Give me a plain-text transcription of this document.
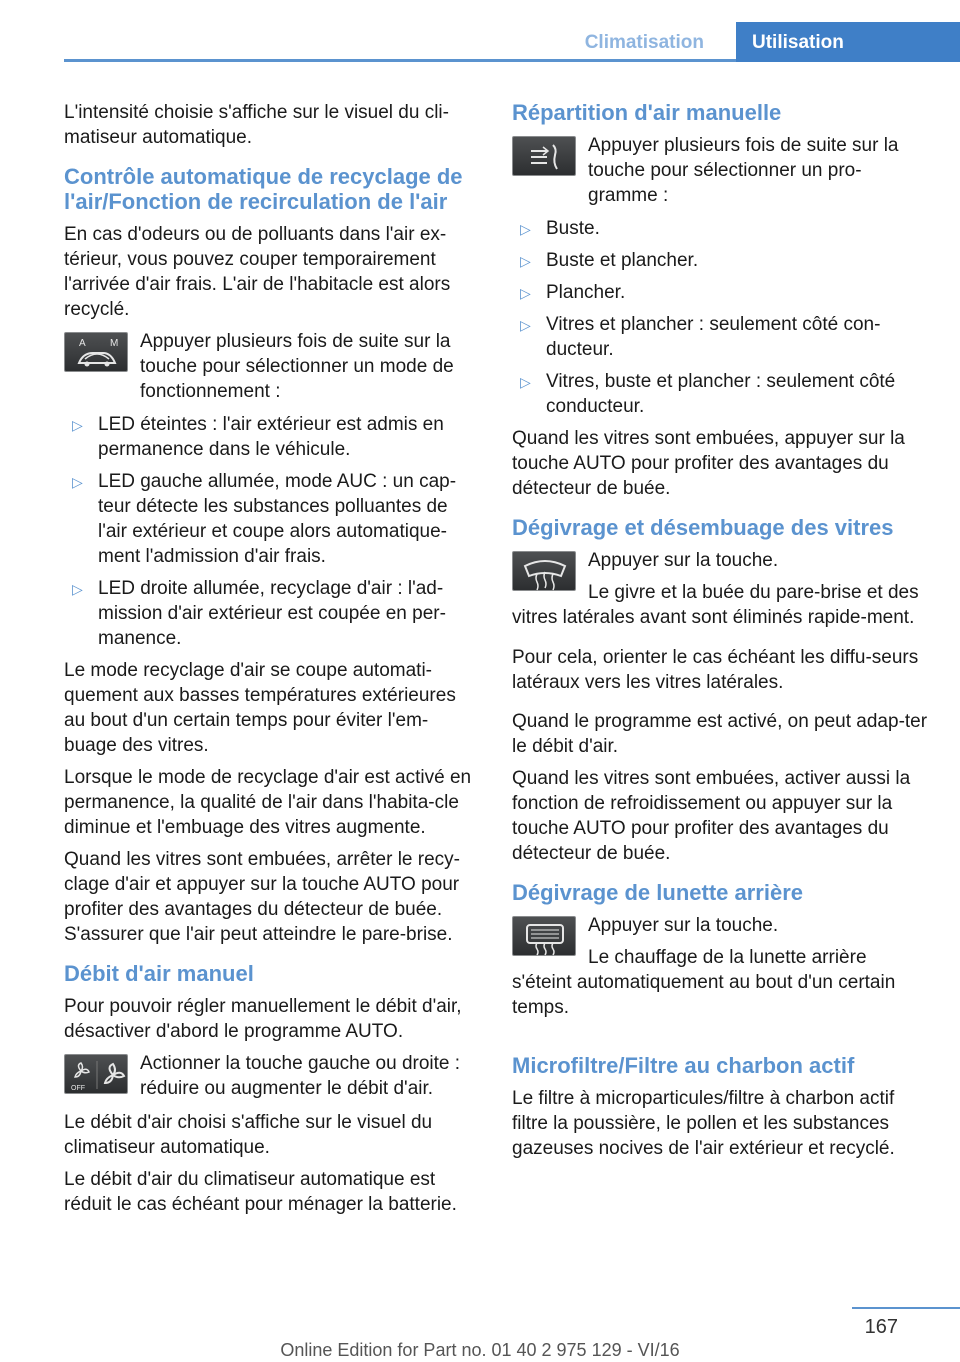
Climatisation	Utilisation

L'intensité choisie s'affiche sur le visuel du cli-matiseur automatique.

Contrôle automatique de recyclage de l'air/Fonction de recirculation de l'air

En cas d'odeurs ou de polluants dans l'air ex-térieur, vous pouvez couper temporairement l'arrivée d'air frais. L'air de l'habitacle est alors recyclé.

A M Appuyer plusieurs fois de suite sur la touche pour sélectionner un mode de fonctionnement :
▷ LED éteintes : l'air extérieur est admis en permanence dans le véhicule.
▷ LED gauche allumée, mode AUC : un cap-teur détecte les substances polluantes de l'air extérieur et coupe alors automatique-ment l'admission d'air frais.
▷ LED droite allumée, recyclage d'air : l'ad-mission d'air extérieur est coupée en per-manence.

Le mode recyclage d'air se coupe automati-quement aux basses températures extérieures au bout d'un certain temps pour éviter l'em-buage des vitres.

Lorsque le mode de recyclage d'air est activé en permanence, la qualité de l'air dans l'habita-cle diminue et l'embuage des vitres augmente.

Quand les vitres sont embuées, arrêter le recy-clage d'air et appuyer sur la touche AUTO pour profiter des avantages du détecteur de buée. S'assurer que l'air peut atteindre le pare-brise.

Débit d'air manuel

Pour pouvoir régler manuellement le débit d'air, désactiver d'abord le programme AUTO.

OFF
Actionner la touche gauche ou droite : réduire ou augmenter le débit d'air.

Le débit d'air choisi s'affiche sur le visuel du climatiseur automatique.

Le débit d'air du climatiseur automatique est réduit le cas échéant pour ménager la batterie.

Répartition d'air manuelle
Appuyer plusieurs fois de suite sur la touche pour sélectionner un pro-gramme :
▷ Buste.
▷ Buste et plancher.
▷ Plancher.
▷ Vitres et plancher : seulement côté con-ducteur.
▷ Vitres, buste et plancher : seulement côté conducteur.

Quand les vitres sont embuées, appuyer sur la touche AUTO pour profiter des avantages du détecteur de buée.

Dégivrage et désembuage des vitres

Appuyer sur la touche.

Le givre et la buée du pare-brise et des vitres latérales avant sont éliminés rapide-ment.

Pour cela, orienter le cas échéant les diffu-seurs latéraux vers les vitres latérales.

Quand le programme est activé, on peut adap-ter le débit d'air.

Quand les vitres sont embuées, activer aussi la fonction de refroidissement ou appuyer sur la touche AUTO pour profiter des avantages du détecteur de buée.

Dégivrage de lunette arrière

Appuyer sur la touche.

Le chauffage de la lunette arrière s'éteint automatiquement au bout d'un certain temps.

Microfiltre/Filtre au charbon actif

Le filtre à microparticules/filtre à charbon actif filtre la poussière, le pollen et les substances gazeuses nocives de l'air extérieur et recyclé.

167
Online Edition for Part no. 01 40 2 975 129 - VI/16
